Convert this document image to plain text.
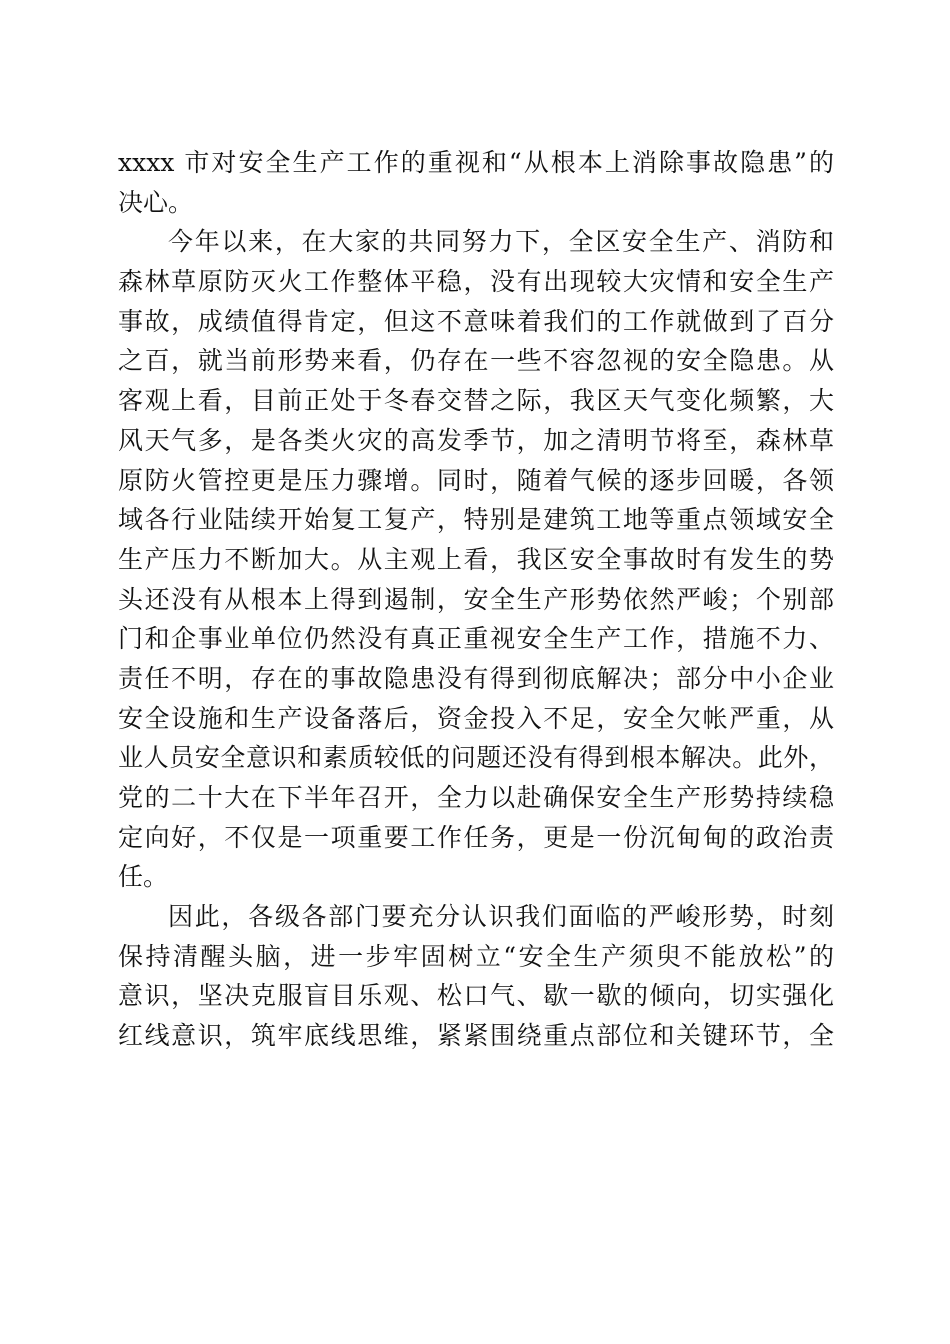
xxxx 市对安全生产工作的重视和“从根本上消除事故隐患”的
决心。
今年以来，在大家的共同努力下，全区安全生产、消防和
森林草原防灭火工作整体平稳，没有出现较大灾情和安全生产
事故，成绩值得肯定，但这不意味着我们的工作就做到了百分
之百，就当前形势来看，仍存在一些不容忽视的安全隐患。从
客观上看，目前正处于冬春交替之际，我区天气变化频繁，大
风天气多，是各类火灾的高发季节，加之清明节将至，森林草
原防火管控更是压力骤增。同时，随着气候的逐步回暖，各领
域各行业陆续开始复工复产，特别是建筑工地等重点领域安全
生产压力不断加大。从主观上看，我区安全事故时有发生的势
头还没有从根本上得到遏制，安全生产形势依然严峻；个别部
门和企事业单位仍然没有真正重视安全生产工作，措施不力、
责任不明，存在的事故隐患没有得到彻底解决；部分中小企业
安全设施和生产设备落后，资金投入不足，安全欠帐严重，从
业人员安全意识和素质较低的问题还没有得到根本解决。此外，
党的二十大在下半年召开，全力以赴确保安全生产形势持续稳
定向好，不仅是一项重要工作任务，更是一份沉甸甸的政治责
任。
因此，各级各部门要充分认识我们面临的严峻形势，时刻
保持清醒头脑，进一步牢固树立“安全生产须臾不能放松”的
意识，坚决克服盲目乐观、松口气、歇一歇的倾向，切实强化
红线意识，筑牢底线思维，紧紧围绕重点部位和关键环节，全
